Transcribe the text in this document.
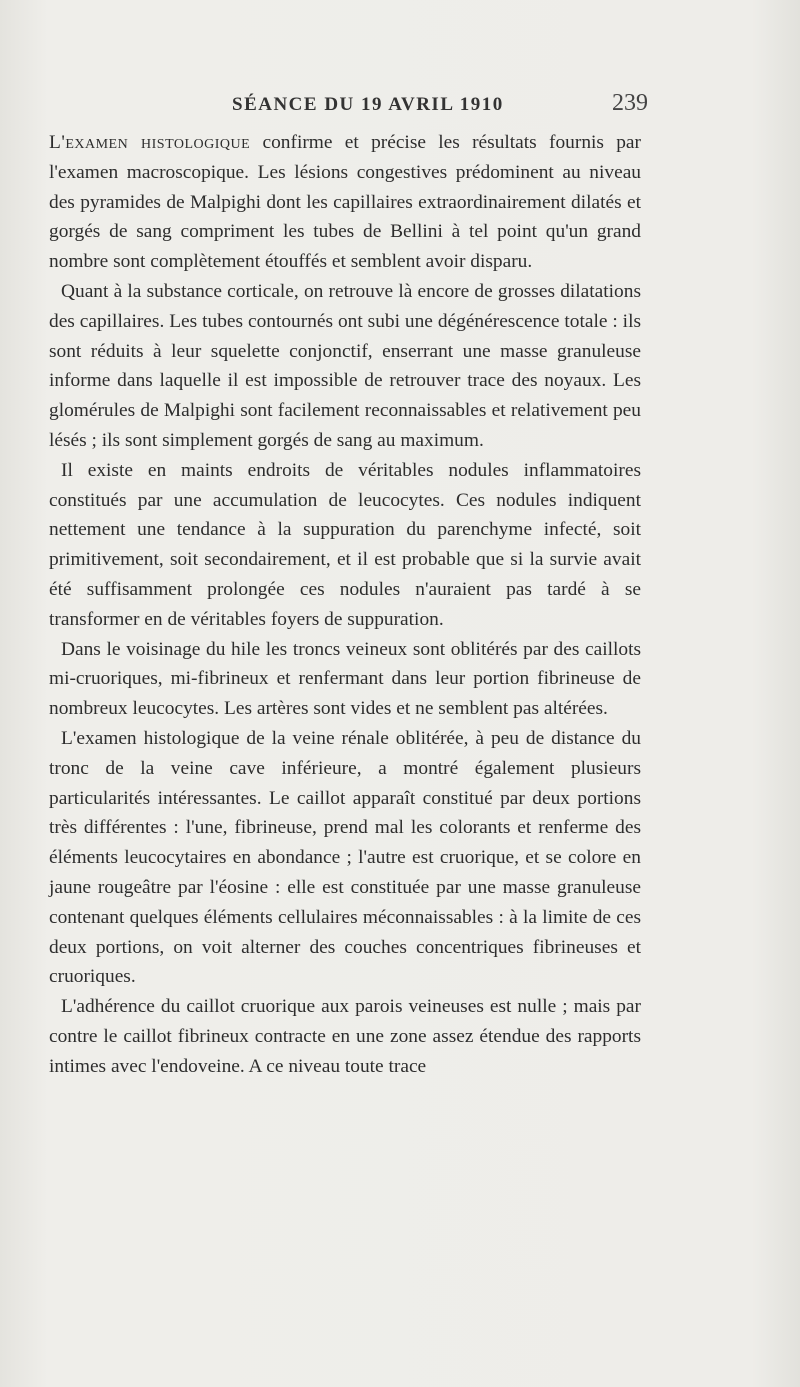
SÉANCE DU 19 AVRIL 1910	239

L'examen histologique confirme et précise les résultats fournis par l'examen macroscopique. Les lésions congestives prédominent au niveau des pyramides de Malpighi dont les capillaires extraordinairement dilatés et gorgés de sang compriment les tubes de Bellini à tel point qu'un grand nombre sont complètement étouffés et semblent avoir disparu.

Quant à la substance corticale, on retrouve là encore de grosses dilatations des capillaires. Les tubes contournés ont subi une dégénérescence totale : ils sont réduits à leur squelette conjonctif, enserrant une masse granuleuse informe dans laquelle il est impossible de retrouver trace des noyaux. Les glomérules de Malpighi sont facilement reconnaissables et relativement peu lésés ; ils sont simplement gorgés de sang au maximum.

Il existe en maints endroits de véritables nodules inflammatoires constitués par une accumulation de leucocytes. Ces nodules indiquent nettement une tendance à la suppuration du parenchyme infecté, soit primitivement, soit secondairement, et il est probable que si la survie avait été suffisamment prolongée ces nodules n'auraient pas tardé à se transformer en de véritables foyers de suppuration.

Dans le voisinage du hile les troncs veineux sont oblitérés par des caillots mi-cruoriques, mi-fibrineux et renfermant dans leur portion fibrineuse de nombreux leucocytes. Les artères sont vides et ne semblent pas altérées.

L'examen histologique de la veine rénale oblitérée, à peu de distance du tronc de la veine cave inférieure, a montré également plusieurs particularités intéressantes. Le caillot apparaît constitué par deux portions très différentes : l'une, fibrineuse, prend mal les colorants et renferme des éléments leucocytaires en abondance ; l'autre est cruorique, et se colore en jaune rougeâtre par l'éosine : elle est constituée par une masse granuleuse contenant quelques éléments cellulaires méconnaissables : à la limite de ces deux portions, on voit alterner des couches concentriques fibrineuses et cruoriques.

L'adhérence du caillot cruorique aux parois veineuses est nulle ; mais par contre le caillot fibrineux contracte en une zone assez étendue des rapports intimes avec l'endoveine. A ce niveau toute trace
